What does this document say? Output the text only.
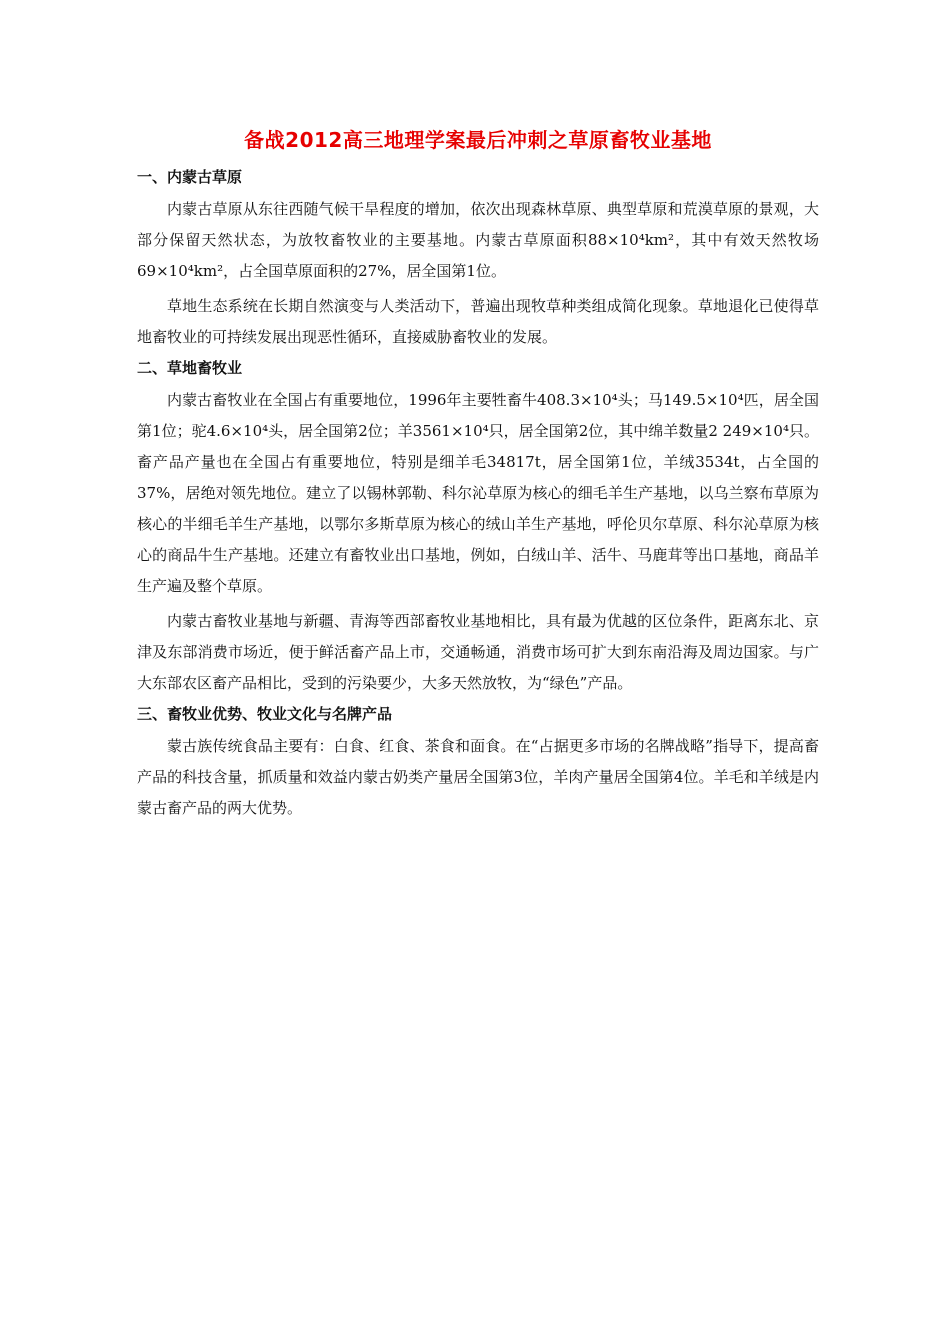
备战2012高三地理学案最后冲刺之草原畜牧业基地
一、内蒙古草原

内蒙古草原从东往西随气候干旱程度的增加，依次出现森林草原、典型草原和荒漠草原的景观，大部分保留天然状态，为放牧畜牧业的主要基地。内蒙古草原面积88×10⁴km²，其中有效天然牧场69×10⁴km²，占全国草原面积的27%，居全国第1位。

草地生态系统在长期自然演变与人类活动下，普遍出现牧草种类组成简化现象。草地退化已使得草地畜牧业的可持续发展出现恶性循环，直接威胁畜牧业的发展。

二、草地畜牧业

内蒙古畜牧业在全国占有重要地位，1996年主要牲畜牛408.3×10⁴头；马149.5×10⁴匹，居全国第1位；驼4.6×10⁴头，居全国第2位；羊3561×10⁴只，居全国第2位，其中绵羊数量2 249×10⁴只。畜产品产量也在全国占有重要地位，特别是细羊毛34817t，居全国第1位，羊绒3534t，占全国的37%，居绝对领先地位。建立了以锡林郭勒、科尔沁草原为核心的细毛羊生产基地，以乌兰察布草原为核心的半细毛羊生产基地，以鄂尔多斯草原为核心的绒山羊生产基地，呼伦贝尔草原、科尔沁草原为核心的商品牛生产基地。还建立有畜牧业出口基地，例如，白绒山羊、活牛、马鹿茸等出口基地，商品羊生产遍及整个草原。

内蒙古畜牧业基地与新疆、青海等西部畜牧业基地相比，具有最为优越的区位条件，距离东北、京津及东部消费市场近，便于鲜活畜产品上市，交通畅通，消费市场可扩大到东南沿海及周边国家。与广大东部农区畜产品相比，受到的污染要少，大多天然放牧，为“绿色”产品。

三、畜牧业优势、牧业文化与名牌产品

蒙古族传统食品主要有：白食、红食、茶食和面食。在“占据更多市场的名牌战略”指导下，提高畜产品的科技含量，抓质量和效益内蒙古奶类产量居全国第3位，羊肉产量居全国第4位。羊毛和羊绒是内蒙古畜产品的两大优势。
